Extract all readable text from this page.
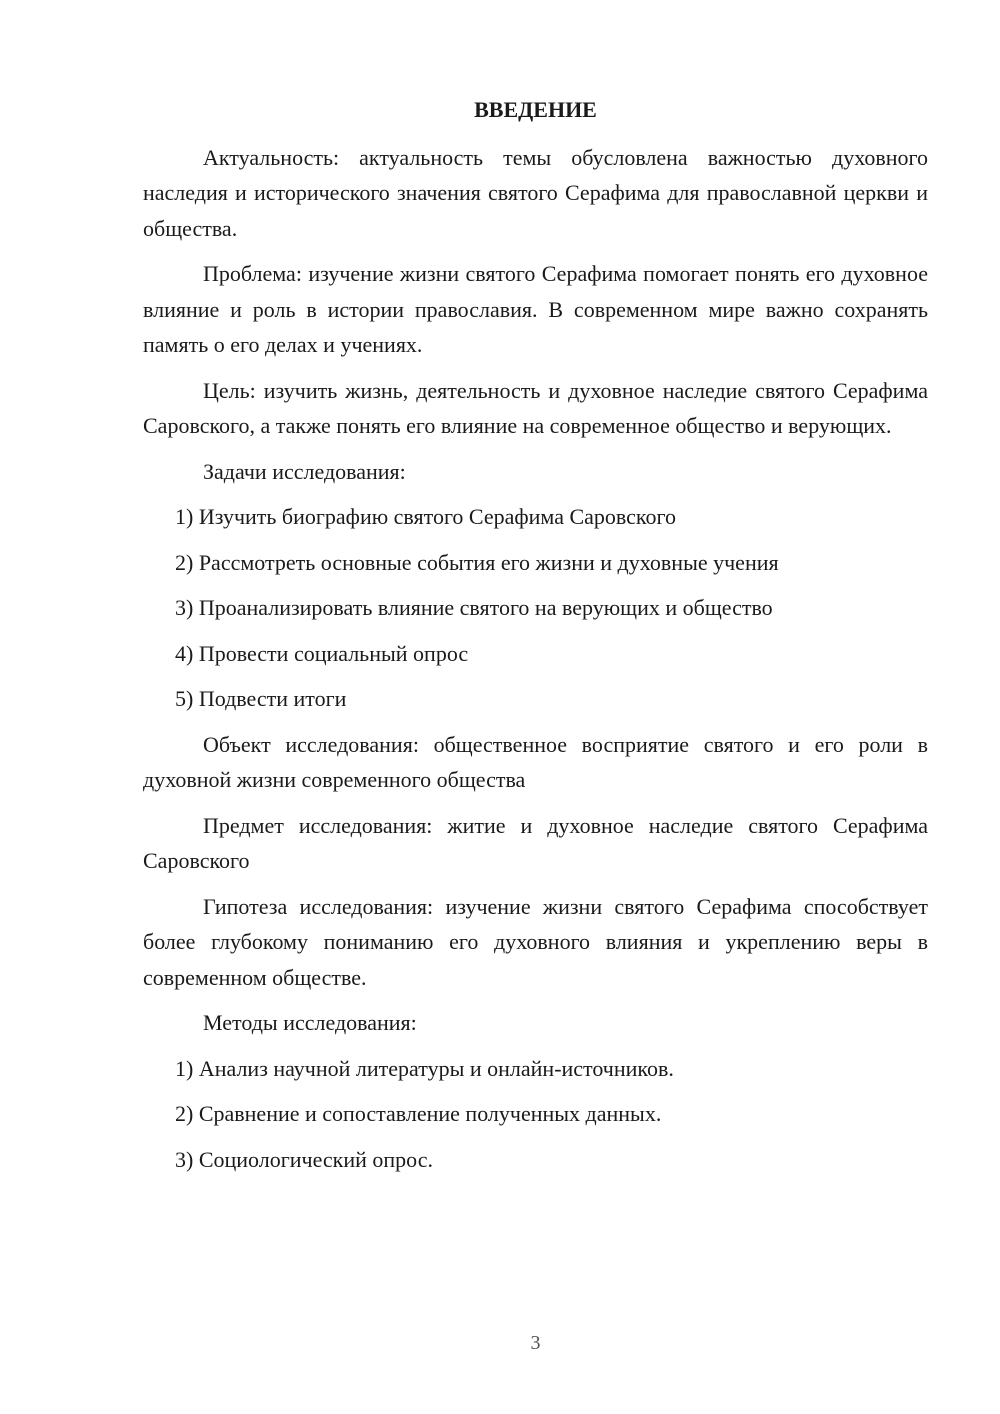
ВВЕДЕНИЕ

Актуальность: актуальность темы обусловлена важностью духовного наследия и исторического значения святого Серафима для православной церкви и общества.

Проблема: изучение жизни святого Серафима помогает понять его духовное влияние и роль в истории православия. В современном мире важно сохранять память о его делах и учениях.

Цель: изучить жизнь, деятельность и духовное наследие святого Серафима Саровского, а также понять его влияние на современное общество и верующих.

Задачи исследования:

1) Изучить биографию святого Серафима Саровского
2) Рассмотреть основные события его жизни и духовные учения
3) Проанализировать влияние святого на верующих и общество
4) Провести социальный опрос
5) Подвести итоги

Объект исследования: общественное восприятие святого и его роли в духовной жизни современного общества

Предмет исследования: житие и духовное наследие святого Серафима Саровского

Гипотеза исследования: изучение жизни святого Серафима способствует более глубокому пониманию его духовного влияния и укреплению веры в современном обществе.

Методы исследования:

1) Анализ научной литературы и онлайн-источников.
2) Сравнение и сопоставление полученных данных.
3) Социологический опрос.
3
